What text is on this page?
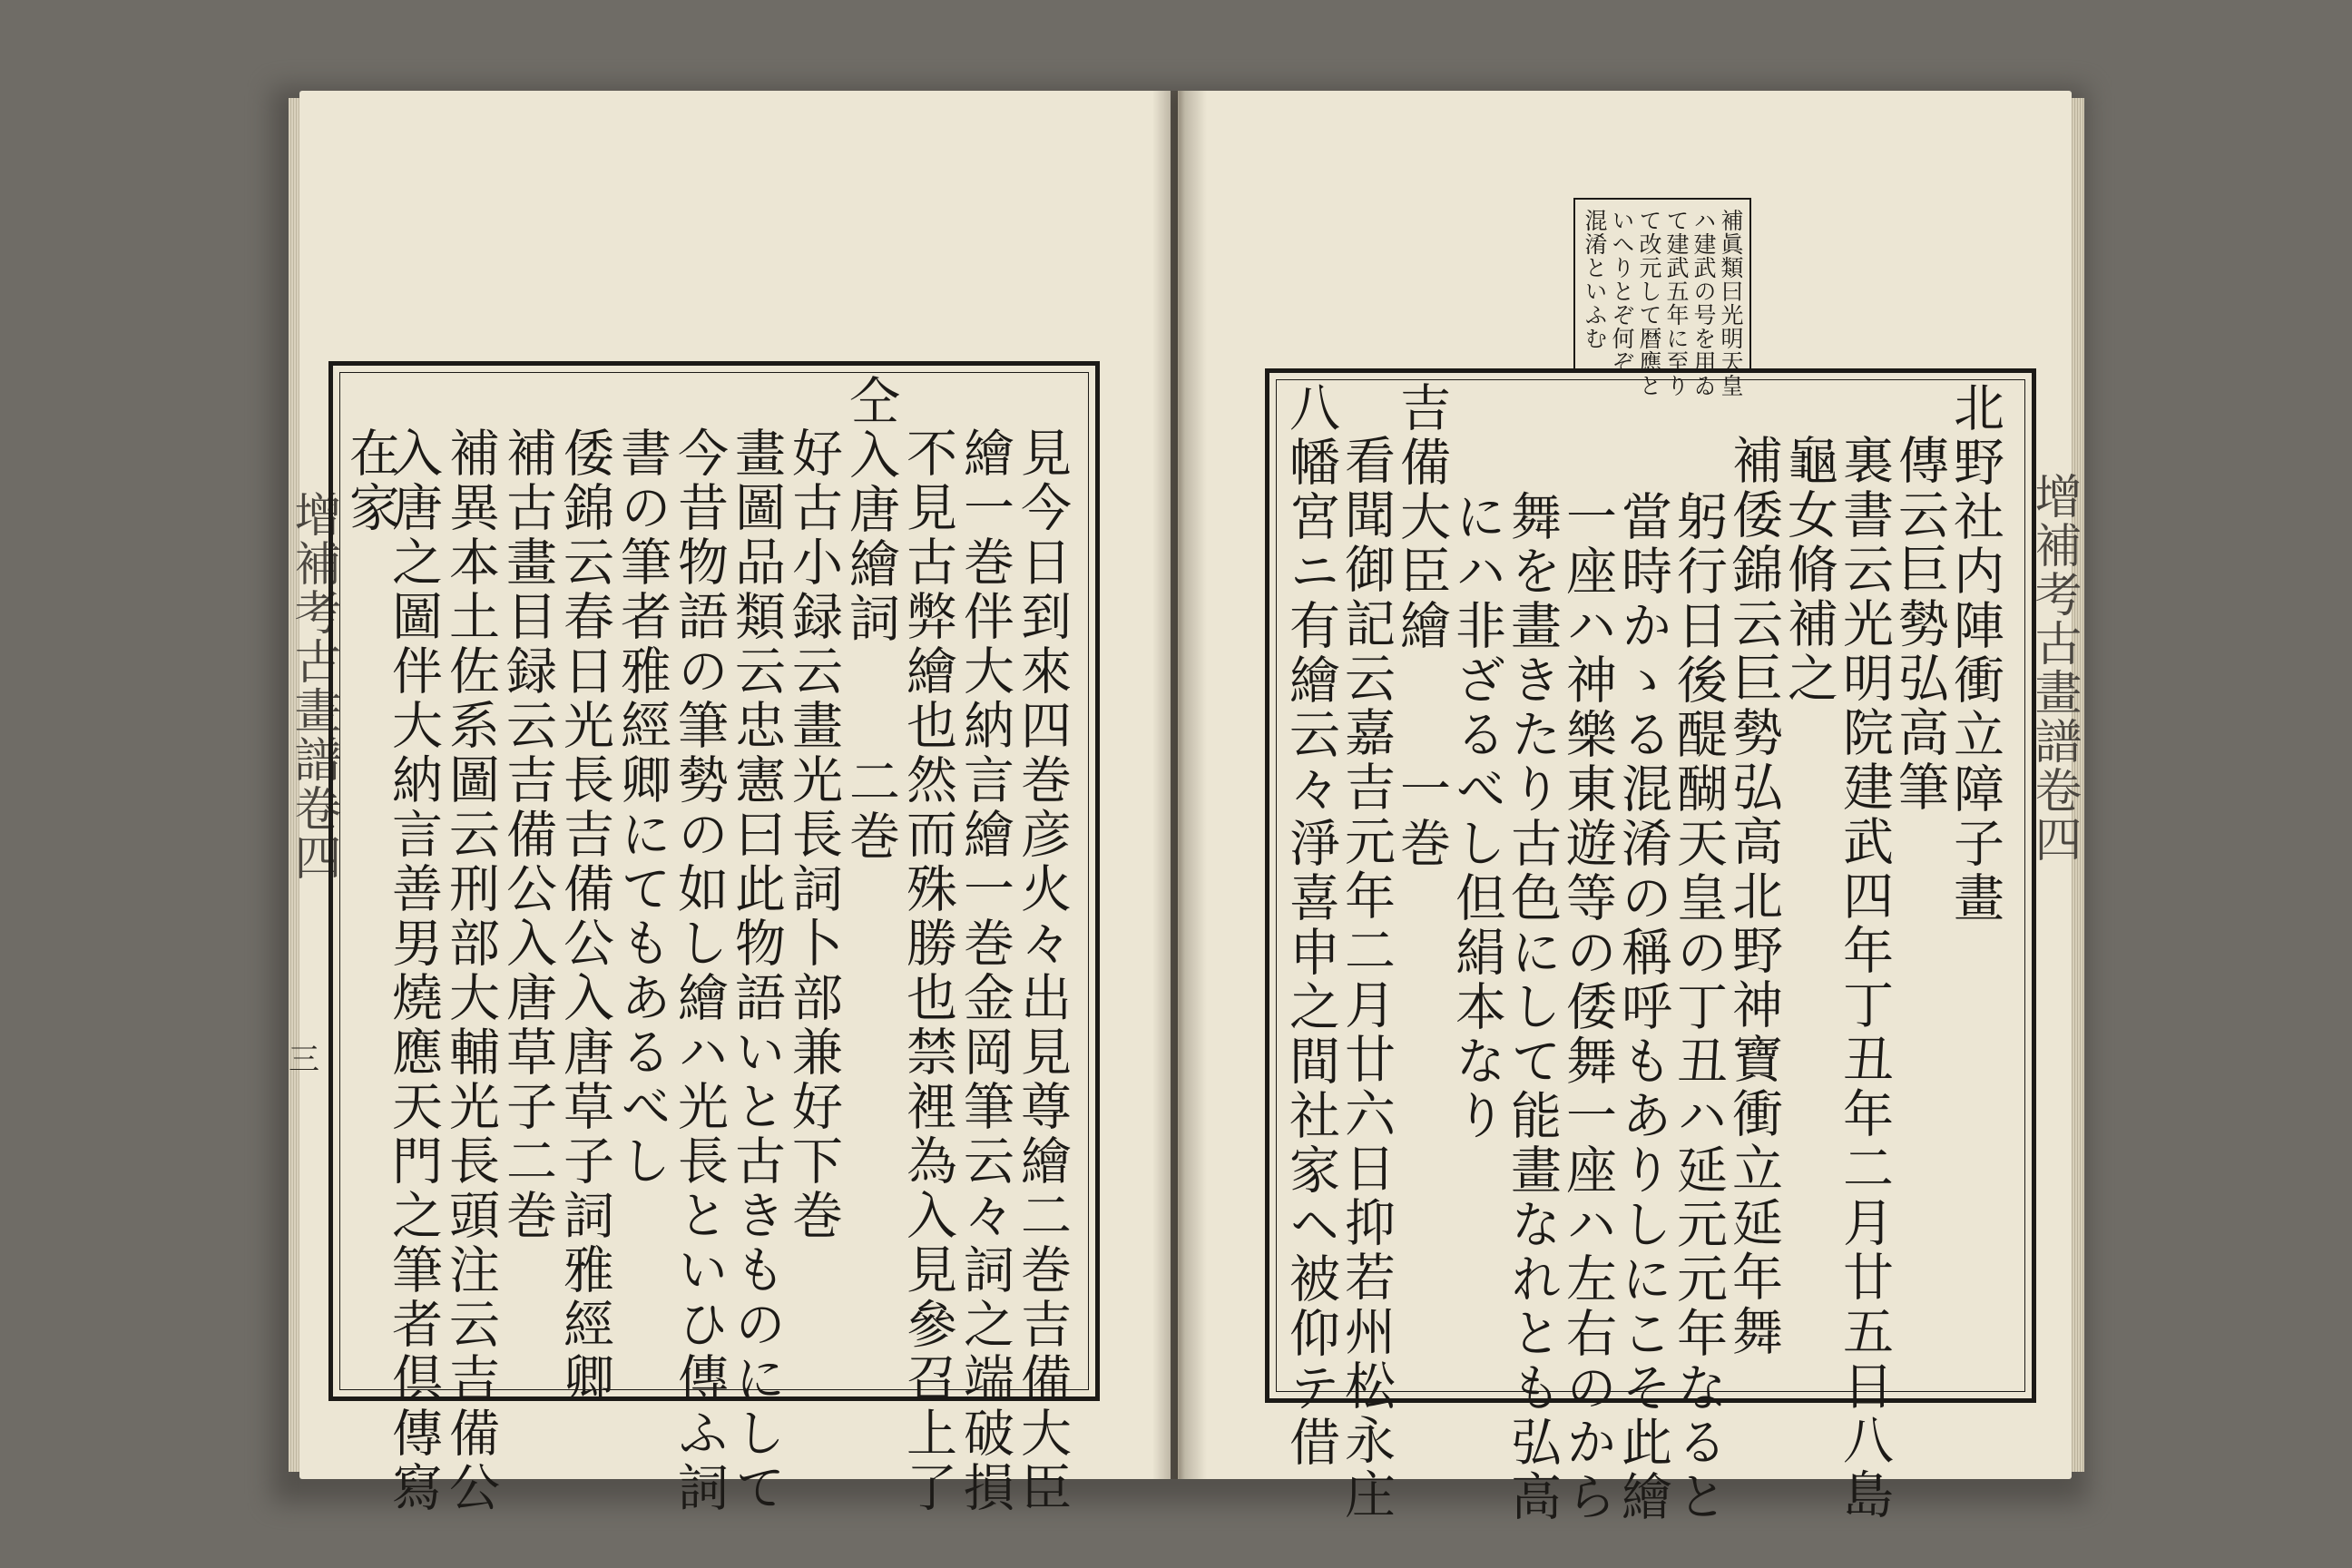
增補考古畫譜卷四	增補考古畫譜卷四
三
補眞類曰光明天皇
ハ建武の号を用ゐ
て建武五年に至り
て改元して暦應と
いへりとぞ何ぞ
混淆といふむ
見今日到來四巻彦火々出見尊繪二巻吉備大臣
繪一巻伴大納言繪一巻金岡筆云々詞之端破損
不見古弊繪也然而殊勝也禁裡為入見參召上了
仝入唐繪詞　　二巻
好古小録云畫光長詞卜部兼好下巻
畫圖品類云忠憲曰此物語いと古きものにして
今昔物語の筆勢の如し繪ハ光長といひ傳ふ詞
書の筆者雅經卿にてもあるべし
倭錦云春日光長吉備公入唐草子詞雅經卿
補古畫目録云吉備公入唐草子二巻
補異本土佐系圖云刑部大輔光長頭注云吉備公
入唐之圖伴大納言善男燒應天門之筆者倶傳寫
在家	北野社内陣衝立障子畫
傳云巨勢弘高筆
裏書云光明院建武四年丁丑年二月廿五日八島
龜女脩補之
補倭錦云巨勢弘高北野神寶衝立延年舞
躬行日後醍醐天皇の丁丑ハ延元元年なると
當時かゝる混淆の稱呼もありしにこそ此繪
一座ハ神樂東遊等の倭舞一座ハ左右のから
舞を畫きたり古色にして能畫なれとも弘高
にハ非ざるべし但絹本なり
吉備大臣繪　　一巻
看聞御記云嘉吉元年二月廿六日抑若州松永庄
八幡宮ニ有繪云々淨喜申之間社家ヘ被仰テ借
